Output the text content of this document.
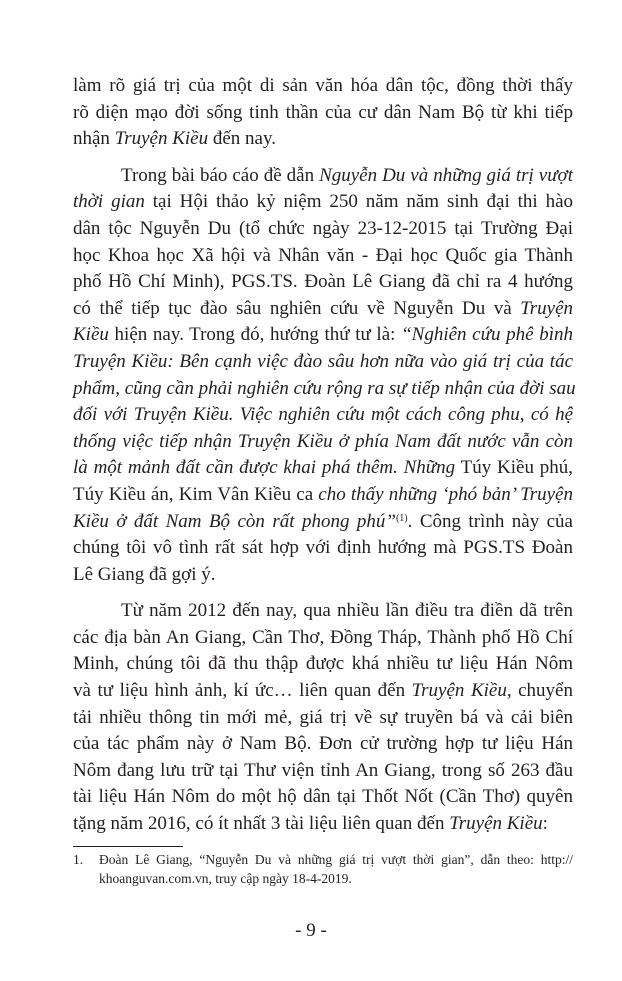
làm rõ giá trị của một di sản văn hóa dân tộc, đồng thời thấy
rõ diện mạo đời sống tinh thần của cư dân Nam Bộ từ khi tiếp
nhận Truyện Kiều đến nay.
Trong bài báo cáo đề dẫn Nguyễn Du và những giá trị vượt
thời gian tại Hội thảo kỷ niệm 250 năm năm sinh đại thi hào
dân tộc Nguyễn Du (tổ chức ngày 23-12-2015 tại Trường Đại
học Khoa học Xã hội và Nhân văn - Đại học Quốc gia Thành
phố Hồ Chí Minh), PGS.TS. Đoàn Lê Giang đã chỉ ra 4 hướng
có thể tiếp tục đào sâu nghiên cứu về Nguyễn Du và Truyện
Kiều hiện nay. Trong đó, hướng thứ tư là: “Nghiên cứu phê bình
Truyện Kiều: Bên cạnh việc đào sâu hơn nữa vào giá trị của tác
phẩm, cũng cần phải nghiên cứu rộng ra sự tiếp nhận của đời sau
đối với Truyện Kiều. Việc nghiên cứu một cách công phu, có hệ
thống việc tiếp nhận Truyện Kiều ở phía Nam đất nước vẫn còn
là một mảnh đất cần được khai phá thêm. Những Túy Kiều phú,
Túy Kiều án, Kim Vân Kiều ca cho thấy những ‘phó bản’ Truyện
Kiều ở đất Nam Bộ còn rất phong phú”$^{(1)}$. Công trình này của
chúng tôi vô tình rất sát hợp với định hướng mà PGS.TS Đoàn
Lê Giang đã gợi ý.
Từ năm 2012 đến nay, qua nhiều lần điều tra điền dã trên
các địa bàn An Giang, Cần Thơ, Đồng Tháp, Thành phố Hồ Chí
Minh, chúng tôi đã thu thập được khá nhiều tư liệu Hán Nôm
và tư liệu hình ảnh, kí ức… liên quan đến Truyện Kiều, chuyển
tải nhiều thông tin mới mẻ, giá trị về sự truyền bá và cải biên
của tác phẩm này ở Nam Bộ. Đơn cử trường hợp tư liệu Hán
Nôm đang lưu trữ tại Thư viện tỉnh An Giang, trong số 263 đầu
tài liệu Hán Nôm do một hộ dân tại Thốt Nốt (Cần Thơ) quyên
tặng năm 2016, có ít nhất 3 tài liệu liên quan đến Truyện Kiều:
1. Đoàn Lê Giang, “Nguyễn Du và những giá trị vượt thời gian”, dẫn theo: http://
khoanguvan.com.vn, truy cập ngày 18-4-2019.
- 9 -
